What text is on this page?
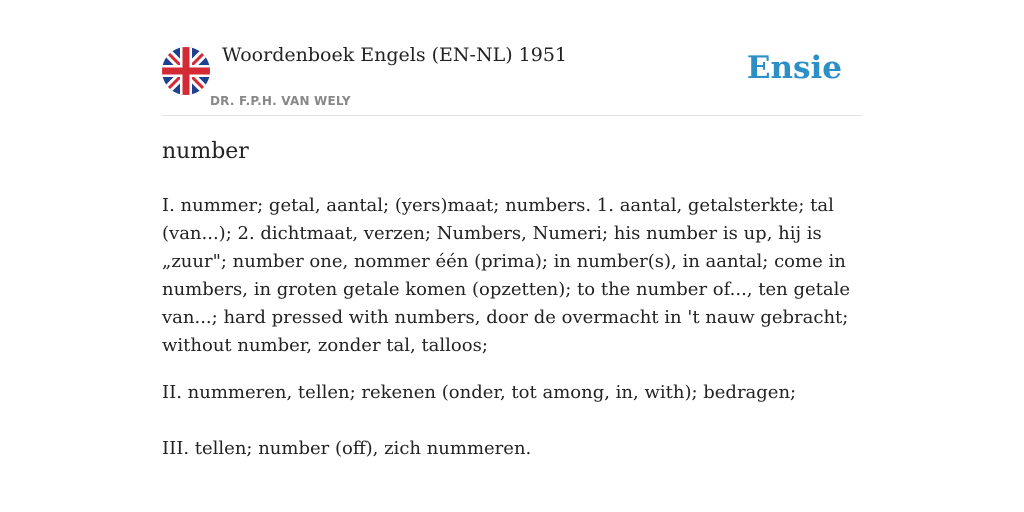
Woordenboek Engels (EN-NL) 1951
DR. F.P.H. VAN WELY
Ensie
number

I. nummer; getal, aantal; (yers)maat; numbers. 1. aantal, getalsterkte; tal (van...); 2. dichtmaat, verzen; Numbers, Numeri; his number is up, hij is „zuur"; number one, nommer één (prima); in number(s), in aantal; come in numbers, in groten getale komen (opzetten); to the number of..., ten getale van...; hard pressed with numbers, door de overmacht in 't nauw gebracht; without number, zonder tal, talloos;

II. nummeren, tellen; rekenen (onder, tot among, in, with); bedragen;

III. tellen; number (off), zich nummeren.
